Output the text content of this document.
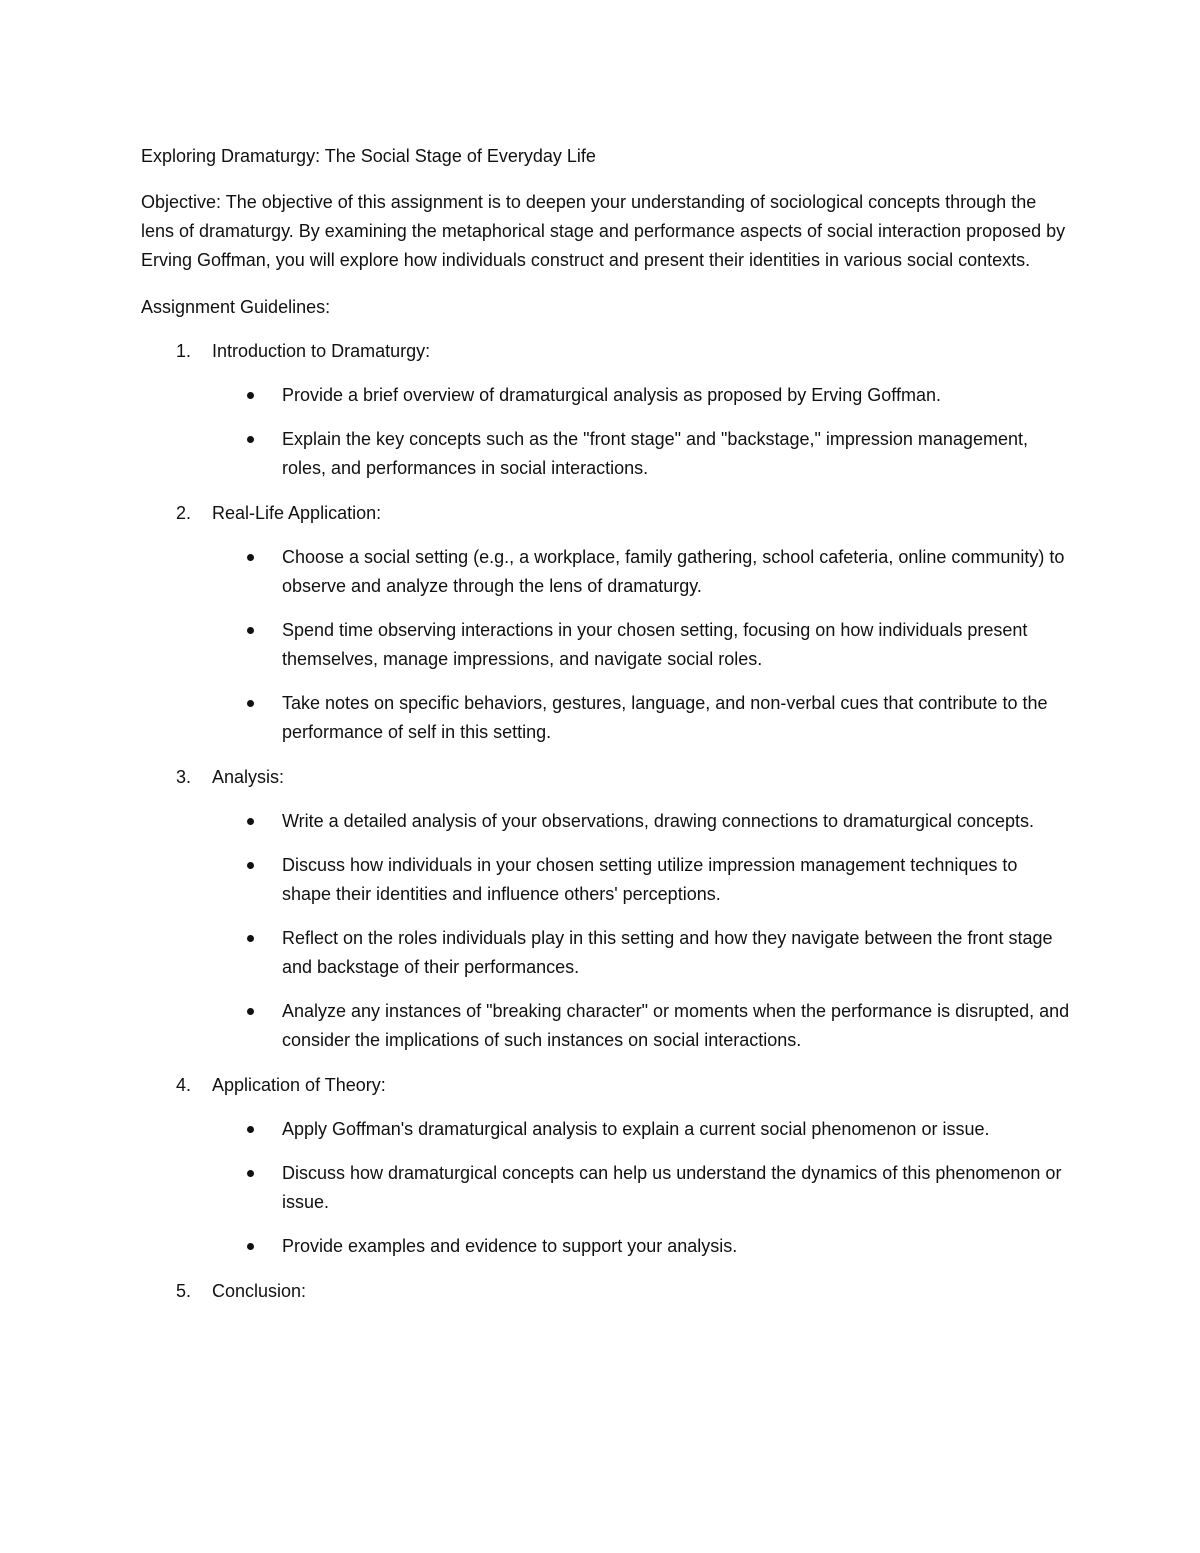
Exploring Dramaturgy: The Social Stage of Everyday Life

Objective: The objective of this assignment is to deepen your understanding of sociological concepts through the lens of dramaturgy. By examining the metaphorical stage and performance aspects of social interaction proposed by Erving Goffman, you will explore how individuals construct and present their identities in various social contexts.

Assignment Guidelines:

1. Introduction to Dramaturgy:
Provide a brief overview of dramaturgical analysis as proposed by Erving Goffman.
Explain the key concepts such as the "front stage" and "backstage," impression management, roles, and performances in social interactions.
2. Real-Life Application:
Choose a social setting (e.g., a workplace, family gathering, school cafeteria, online community) to observe and analyze through the lens of dramaturgy.
Spend time observing interactions in your chosen setting, focusing on how individuals present themselves, manage impressions, and navigate social roles.
Take notes on specific behaviors, gestures, language, and non-verbal cues that contribute to the performance of self in this setting.
3. Analysis:
Write a detailed analysis of your observations, drawing connections to dramaturgical concepts.
Discuss how individuals in your chosen setting utilize impression management techniques to shape their identities and influence others' perceptions.
Reflect on the roles individuals play in this setting and how they navigate between the front stage and backstage of their performances.
Analyze any instances of "breaking character" or moments when the performance is disrupted, and consider the implications of such instances on social interactions.
4. Application of Theory:
Apply Goffman's dramaturgical analysis to explain a current social phenomenon or issue.
Discuss how dramaturgical concepts can help us understand the dynamics of this phenomenon or issue.
Provide examples and evidence to support your analysis.
5. Conclusion:
